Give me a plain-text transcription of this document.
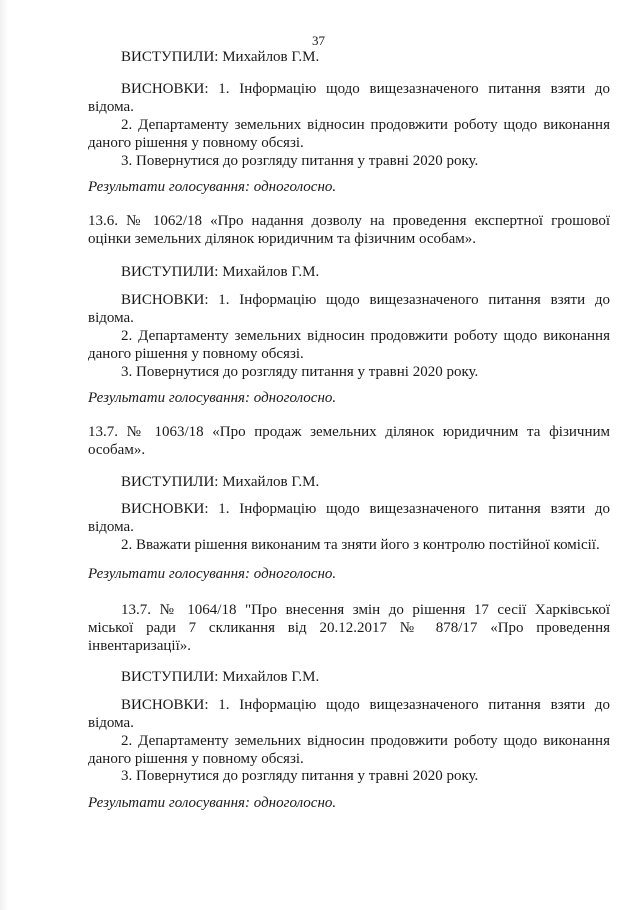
37
ВИСТУПИЛИ: Михайлов Г.М.
ВИСНОВКИ: 1. Інформацію щодо вищезазначеного питання взяти до
відома.
2. Департаменту земельних відносин продовжити роботу щодо виконання
даного рішення у повному обсязі.
3. Повернутися до розгляду питання у травні 2020 року.
Результати голосування: одноголосно.
13.6. № 1062/18 «Про надання дозволу на проведення експертної грошової
оцінки земельних ділянок юридичним та фізичним особам».
ВИСТУПИЛИ: Михайлов Г.М.
ВИСНОВКИ: 1. Інформацію щодо вищезазначеного питання взяти до
відома.
2. Департаменту земельних відносин продовжити роботу щодо виконання
даного рішення у повному обсязі.
3. Повернутися до розгляду питання у травні 2020 року.
Результати голосування: одноголосно.
13.7. № 1063/18 «Про продаж земельних ділянок юридичним та фізичним
особам».
ВИСТУПИЛИ: Михайлов Г.М.
ВИСНОВКИ: 1. Інформацію щодо вищезазначеного питання взяти до
відома.
2. Вважати рішення виконаним та зняти його з контролю постійної комісії.
Результати голосування: одноголосно.
13.7. № 1064/18 "Про внесення змін до рішення 17 сесії Харківської
міської ради 7 скликання від 20.12.2017 № 878/17 «Про проведення
інвентаризації».
ВИСТУПИЛИ: Михайлов Г.М.
ВИСНОВКИ: 1. Інформацію щодо вищезазначеного питання взяти до
відома.
2. Департаменту земельних відносин продовжити роботу щодо виконання
даного рішення у повному обсязі.
3. Повернутися до розгляду питання у травні 2020 року.
Результати голосування: одноголосно.
